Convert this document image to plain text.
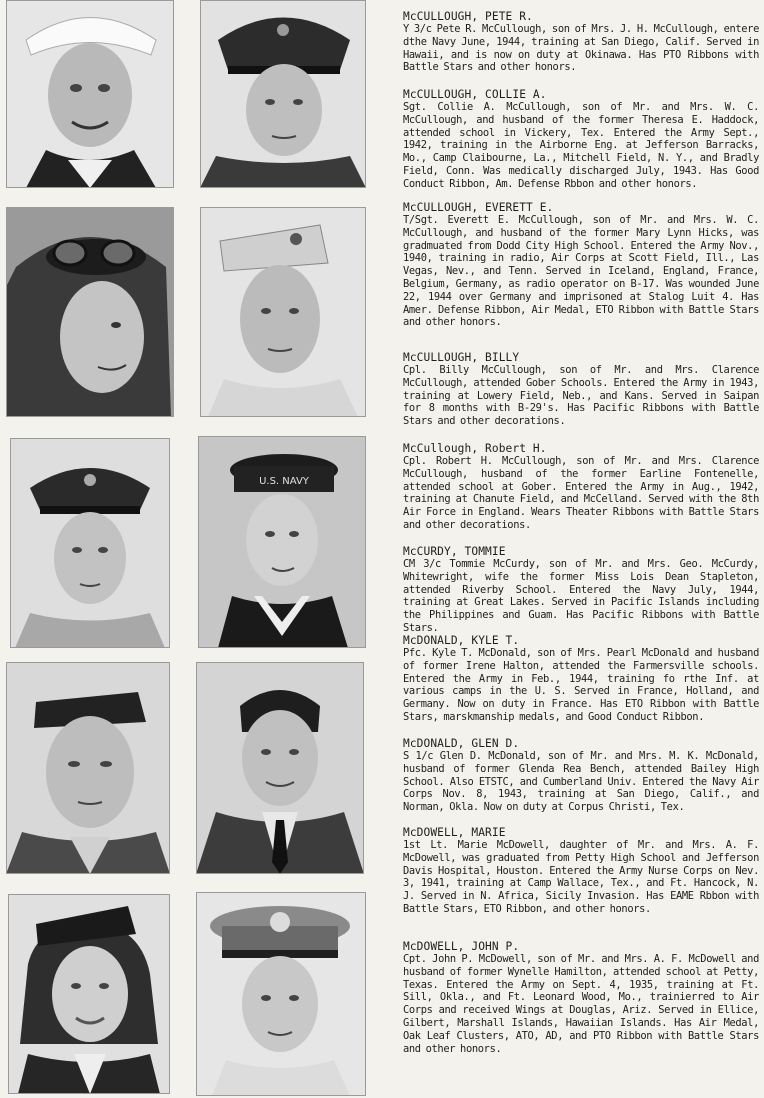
U.S. NAVY

McCULLOUGH, PETE R.

Y 3/c Pete R. McCullough, son of Mrs. J. H. McCullough, entere dthe Navy June, 1944, training at San Diego, Calif. Served in Hawaii, and is now on duty at Okinawa. Has PTO Ribbons with Battle Stars and other honors.

McCULLOUGH, COLLIE A.

Sgt. Collie A. McCullough, son of Mr. and Mrs. W. C. McCullough, and husband of the former Theresa E. Haddock, attended school in Vickery, Tex. Entered the Army Sept., 1942, training in the Airborne Eng. at Jefferson Barracks, Mo., Camp Claibourne, La., Mitchell Field, N. Y., and Bradly Field, Conn. Was medically discharged July, 1943. Has Good Conduct Ribbon, Am. Defense Rbbon and other honors.

McCULLOUGH, EVERETT E.

T/Sgt. Everett E. McCullough, son of Mr. and Mrs. W. C. McCullough, and husband of the former Mary Lynn Hicks, was gradmuated from Dodd City High School. Entered the Army Nov., 1940, training in radio, Air Corps at Scott Field, Ill., Las Vegas, Nev., and Tenn. Served in Iceland, England, France, Belgium, Germany, as radio operator on B-17. Was wounded June 22, 1944 over Germany and imprisoned at Stalog Luit 4. Has Amer. Defense Ribbon, Air Medal, ETO Ribbon with Battle Stars and other honors.

McCULLOUGH, BILLY

Cpl. Billy McCullough, son of Mr. and Mrs. Clarence McCullough, attended Gober Schools. Entered the Army in 1943, training at Lowery Field, Neb., and Kans. Served in Saipan for 8 months with B-29's. Has Pacific Ribbons with Battle Stars and other decorations.

McCullough, Robert H.

Cpl. Robert H. McCullough, son of Mr. and Mrs. Clarence McCullough, husband of the former Earline Fontenelle, attended school at Gober. Entered the Army in Aug., 1942, training at Chanute Field, and McCelland. Served with the 8th Air Force in England. Wears Theater Ribbons with Battle Stars and other decorations.

McCURDY, TOMMIE

CM 3/c Tommie McCurdy, son of Mr. and Mrs. Geo. McCurdy, Whitewright, wife the former Miss Lois Dean Stapleton, attended Riverby School. Entered the Navy July, 1944, training at Great Lakes. Served in Pacific Islands including the Philippines and Guam. Has Pacific Ribbons with Battle Stars.

McDONALD, KYLE T.

Pfc. Kyle T. McDonald, son of Mrs. Pearl McDonald and husband of former Irene Halton, attended the Farmersville schools. Entered the Army in Feb., 1944, training fo rthe Inf. at various camps in the U. S. Served in France, Holland, and Germany. Now on duty in France. Has ETO Ribbon with Battle Stars, marskmanship medals, and Good Conduct Ribbon.

McDONALD, GLEN D.

S 1/c Glen D. McDonald, son of Mr. and Mrs. M. K. McDonald, husband of former Glenda Rea Bench, attended Bailey High School. Also ETSTC, and Cumberland Univ. Entered the Navy Air Corps Nov. 8, 1943, training at San Diego, Calif., and Norman, Okla. Now on duty at Corpus Christi, Tex.

McDOWELL, MARIE

1st Lt. Marie McDowell, daughter of Mr. and Mrs. A. F. McDowell, was graduated from Petty High School and Jefferson Davis Hospital, Houston. Entered the Army Nurse Corps on Nev. 3, 1941, training at Camp Wallace, Tex., and Ft. Hancock, N. J. Served in N. Africa, Sicily Invasion. Has EAME Rbbon with Battle Stars, ETO Ribbon, and other honors.

McDOWELL, JOHN P.

Cpt. John P. McDowell, son of Mr. and Mrs. A. F. McDowell and husband of former Wynelle Hamilton, attended school at Petty, Texas. Entered the Army on Sept. 4, 1935, training at Ft. Sill, Okla., and Ft. Leonard Wood, Mo., trainierred to Air Corps and received Wings at Douglas, Ariz. Served in Ellice, Gilbert, Marshall Islands, Hawaiian Islands. Has Air Medal, Oak Leaf Clusters, ATO, AD, and PTO Ribbon with Battle Stars and other honors.
